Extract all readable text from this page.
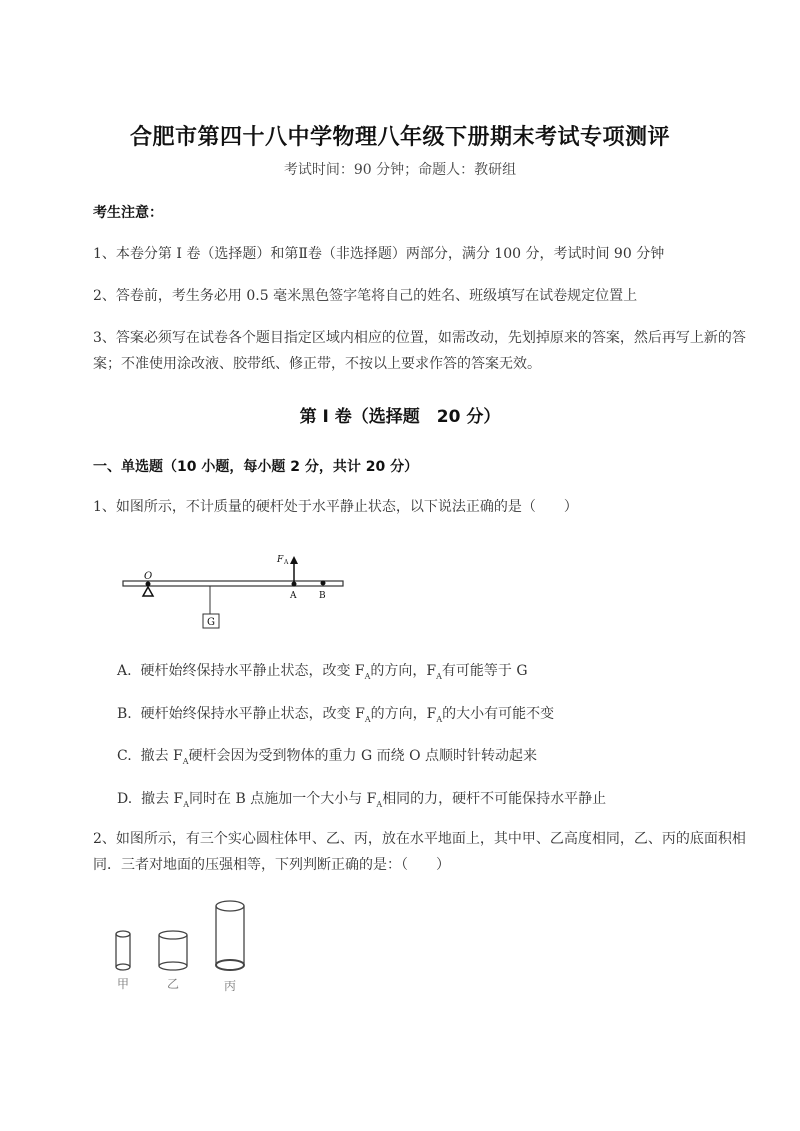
合肥市第四十八中学物理八年级下册期末考试专项测评
考试时间：90 分钟；命题人：教研组
考生注意：
1、本卷分第 I 卷（选择题）和第Ⅱ卷（非选择题）两部分，满分 100 分，考试时间 90 分钟
2、答卷前，考生务必用 0.5 毫米黑色签字笔将自己的姓名、班级填写在试卷规定位置上
3、答案必须写在试卷各个题目指定区域内相应的位置，如需改动，先划掉原来的答案，然后再写上新的答案；不准使用涂改液、胶带纸、修正带，不按以上要求作答的答案无效。
第 I 卷（选择题　20 分）
一、单选题（10 小题，每小题 2 分，共计 20 分）
1、如图所示，不计质量的硬杆处于水平静止状态，以下说法正确的是（　　）
O
G
F A
A	B
A. 硬杆始终保持水平静止状态，改变 $F_A$的方向，$F_A$有可能等于 G
B. 硬杆始终保持水平静止状态，改变 $F_A$的方向，$F_A$的大小有可能不变
C. 撤去 $F_A$硬杆会因为受到物体的重力 G 而绕 O 点顺时针转动起来
D. 撤去 $F_A$同时在 B 点施加一个大小与 $F_A$相同的力，硬杆不可能保持水平静止
2、如图所示，有三个实心圆柱体甲、乙、丙，放在水平地面上，其中甲、乙高度相同，乙、丙的底面积相同．三者对地面的压强相等，下列判断正确的是：（　　）
甲	乙	丙
